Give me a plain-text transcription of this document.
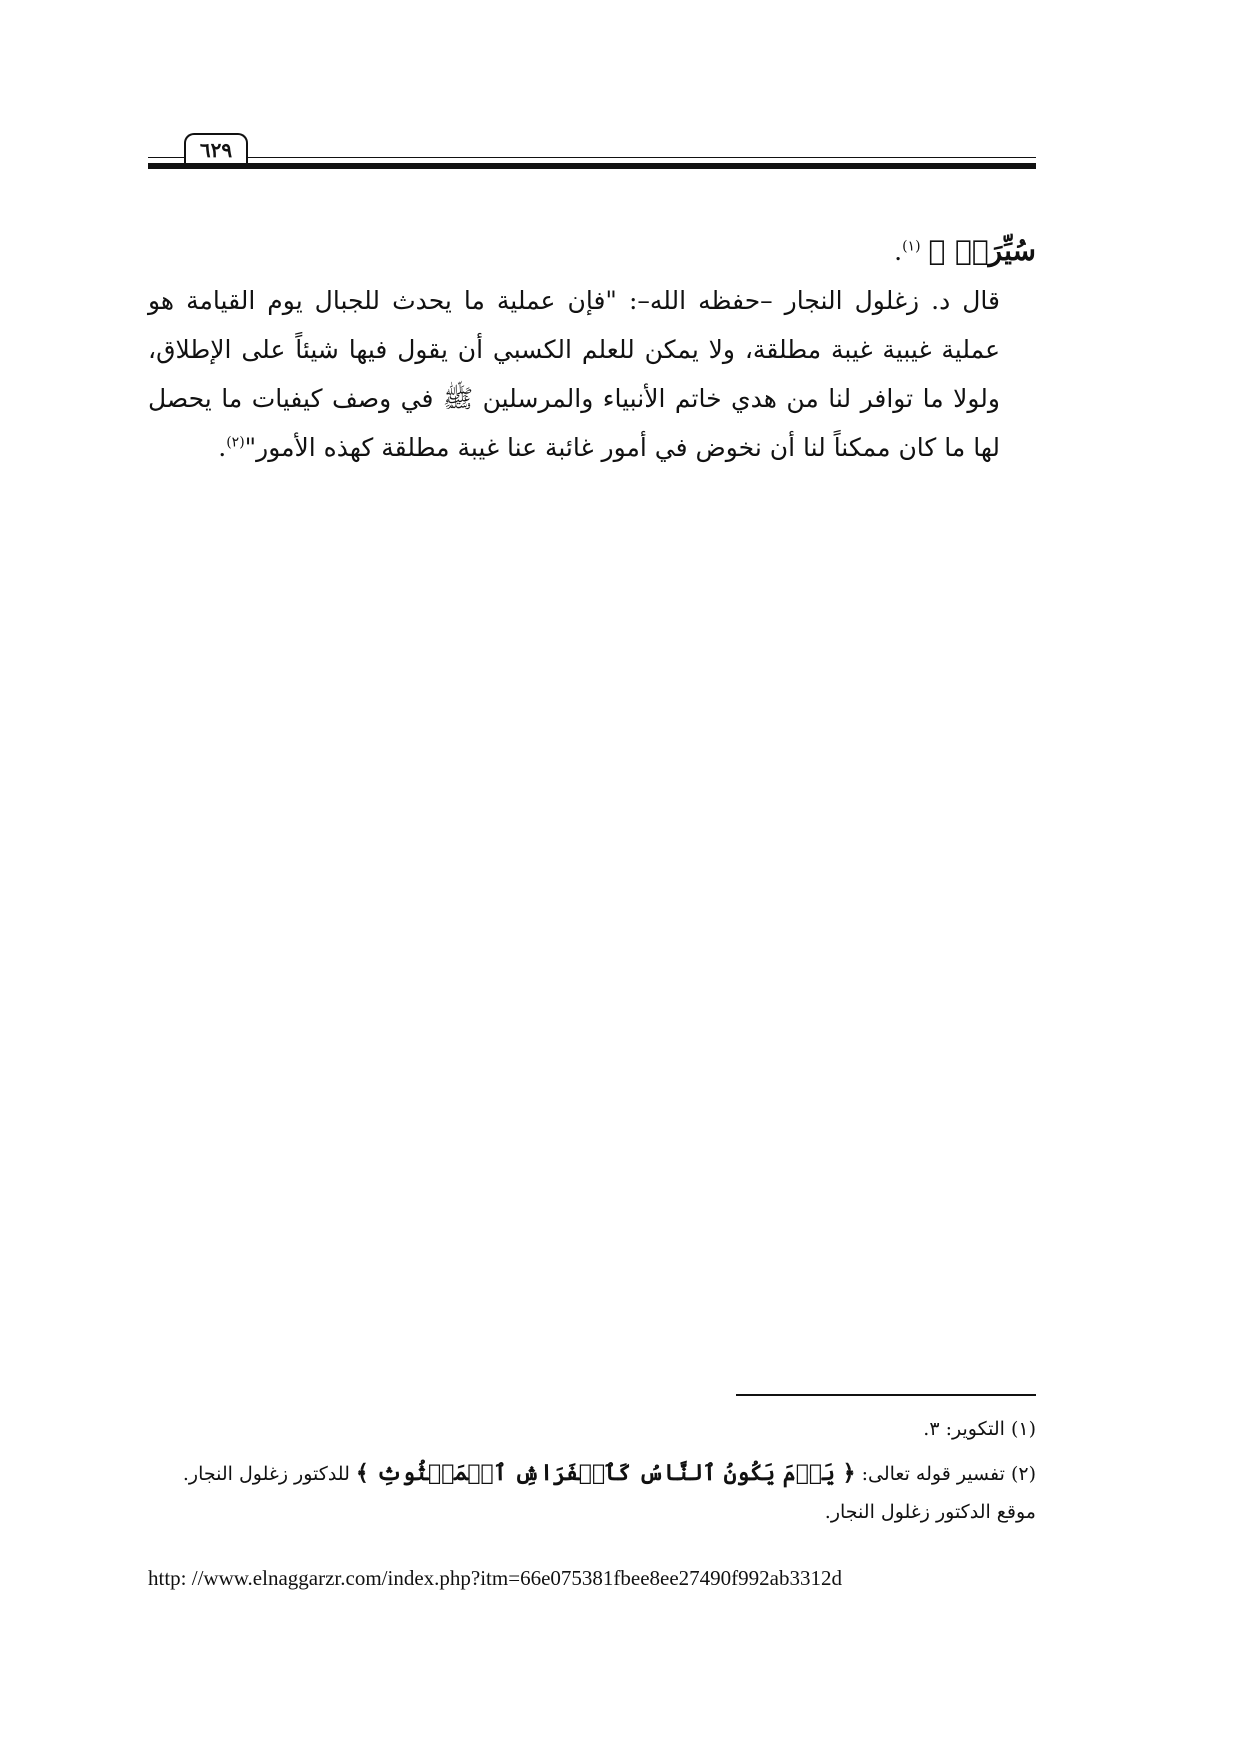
٦٢٩

سُيِّرَتۡ ﴾ $^{(١)}$.

قال د. زغلول النجار –حفظه الله–: "فإن عملية ما يحدث للجبال يوم القيامة هو عملية غيبية غيبة مطلقة، ولا يمكن للعلم الكسبي أن يقول فيها شيئاً على الإطلاق، ولولا ما توافر لنا من هدي خاتم الأنبياء والمرسلين ﷺ في وصف كيفيات ما يحصل لها ما كان ممكناً لنا أن نخوض في أمور غائبة عنا غيبة مطلقة كهذه الأمور"$^{(٢)}$.

(١) التكوير: ٣.

(٢) تفسير قوله تعالى: ﴿ يَوۡمَ يَكُونُ ٱلنَّاسُ كَٱلۡفَرَاشِ ٱلۡمَبۡثُوثِ ﴾ للدكتور زغلول النجار. موقع الدكتور زغلول النجار.

http: //www.elnaggarzr.com/index.php?itm=66e075381fbee8ee27490f992ab3312d
